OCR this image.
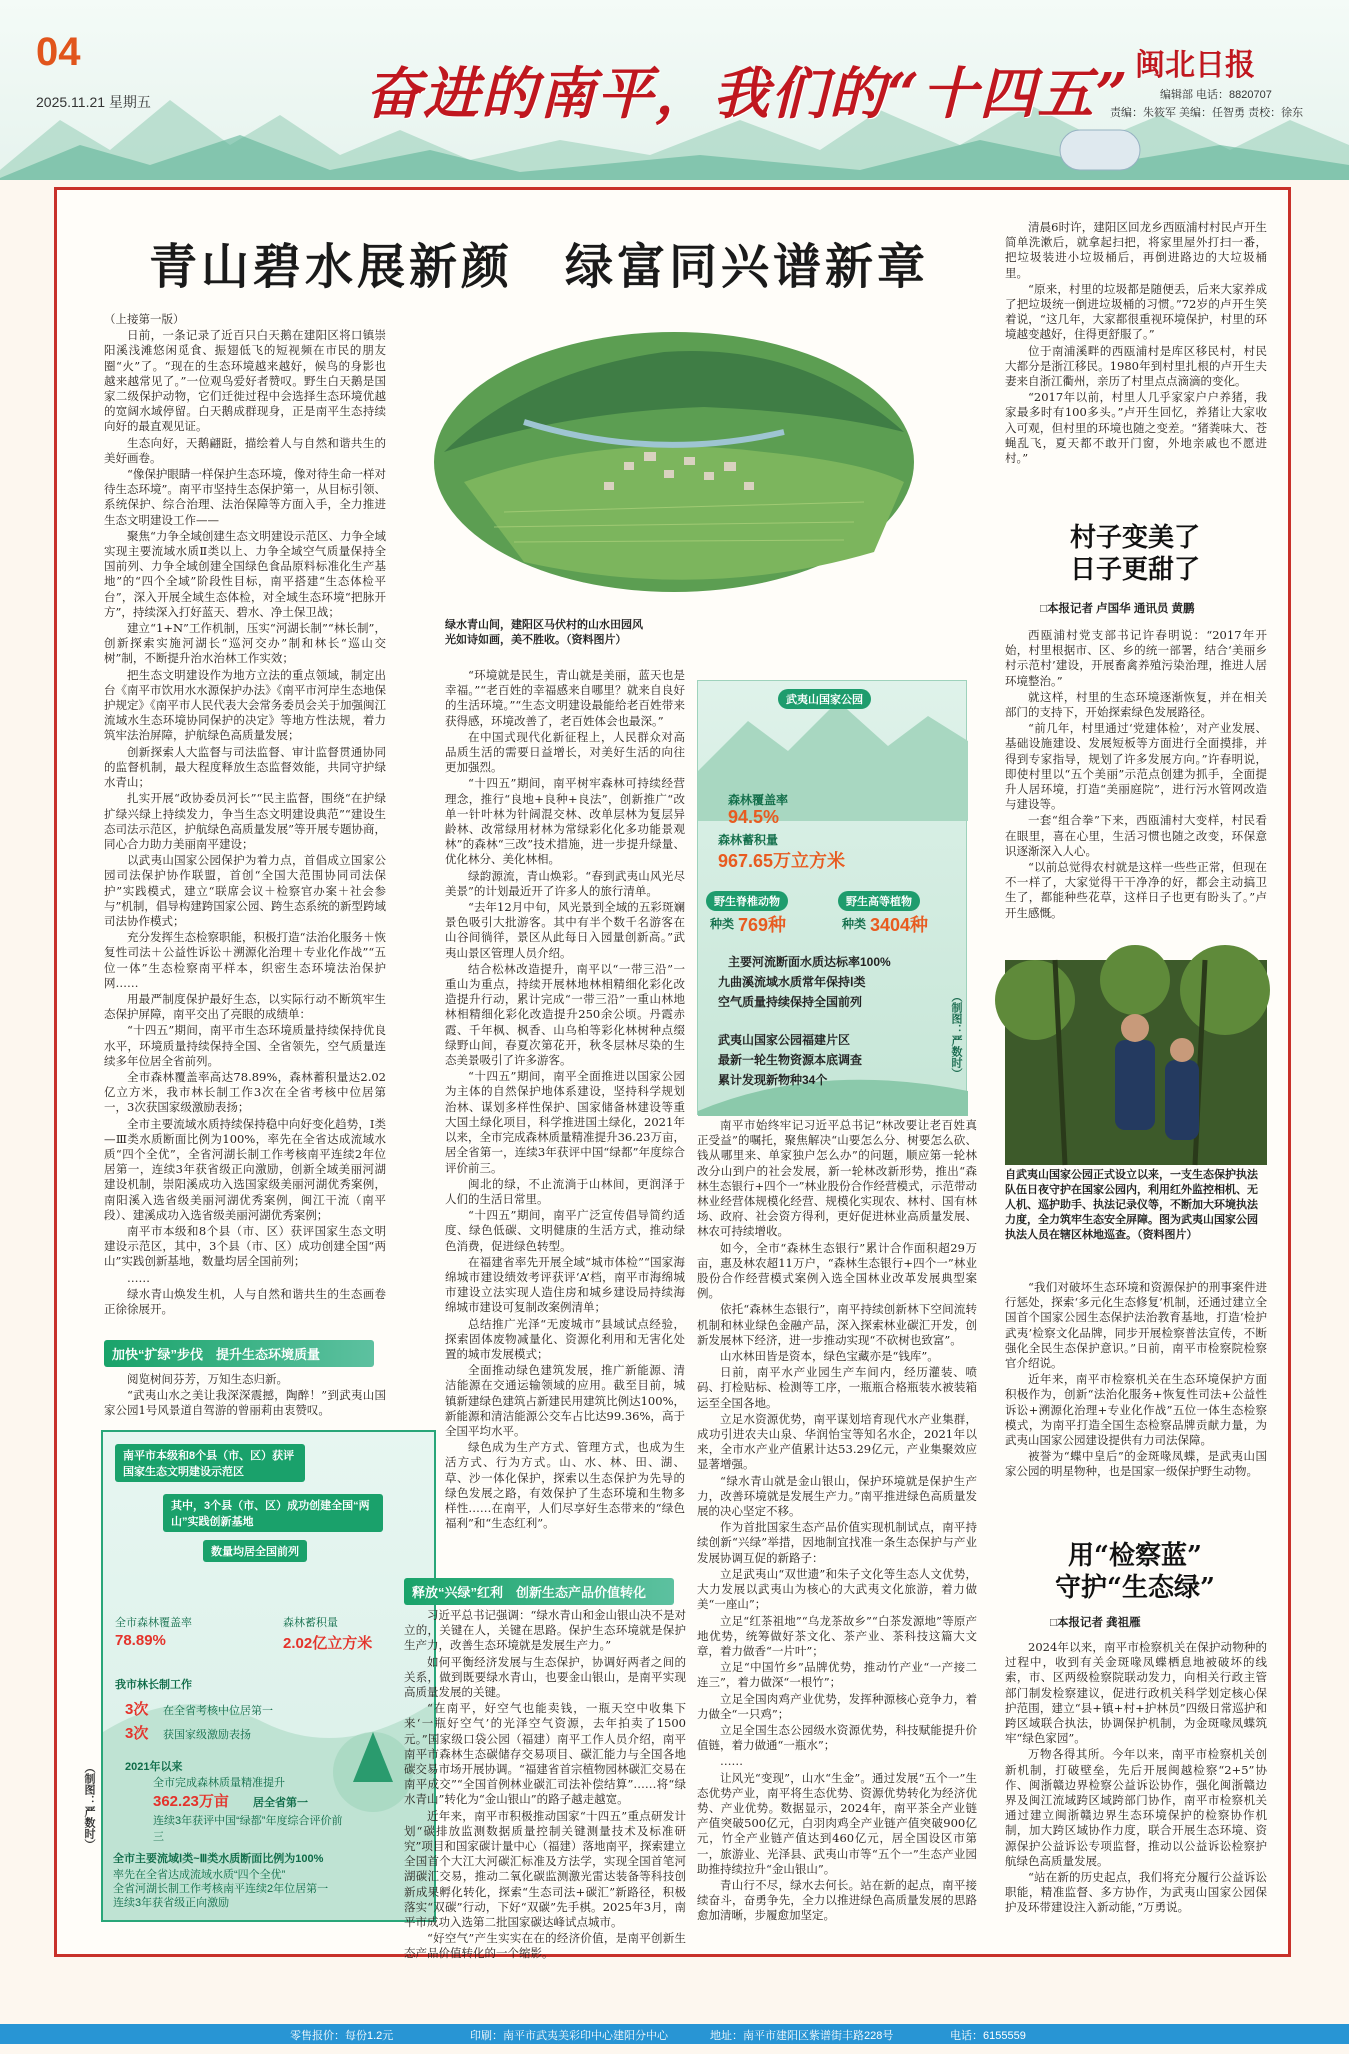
04
2025.11.21 星期五	奋进的南平，我们的“十四五” 闽北日报
编辑部 电话：8820707
责编：朱筱军 美编：任智勇 责校：徐东
青山碧水展新颜　绿富同兴谱新章

（上接第一版）

日前，一条记录了近百只白天鹅在建阳区将口镇崇阳溪浅滩悠闲觅食、振翅低飞的短视频在市民的朋友圈“火”了。“现在的生态环境越来越好，候鸟的身影也越来越常见了。”一位观鸟爱好者赞叹。野生白天鹅是国家二级保护动物，它们迁徙过程中会选择生态环境优越的宽阔水域停留。白天鹅成群现身，正是南平生态持续向好的最直观见证。

生态向好，天鹅翩跹，描绘着人与自然和谐共生的美好画卷。

“像保护眼睛一样保护生态环境，像对待生命一样对待生态环境”。南平市坚持生态保护第一，从目标引领、系统保护、综合治理、法治保障等方面入手，全力推进生态文明建设工作——

聚焦“力争全域创建生态文明建设示范区、力争全域实现主要流域水质Ⅱ类以上、力争全域空气质量保持全国前列、力争全域创建全国绿色食品原料标准化生产基地”的“四个全域”阶段性目标，南平搭建“生态体检平台”，深入开展全域生态体检，对全域生态环境“把脉开方”，持续深入打好蓝天、碧水、净土保卫战；

建立“1+N”工作机制，压实“河湖长制”“林长制”，创新探索实施河湖长“巡河交办”制和林长“巡山交树”制，不断提升治水治林工作实效；

把生态文明建设作为地方立法的重点领域，制定出台《南平市饮用水水源保护办法》《南平市河岸生态地保护规定》《南平市人民代表大会常务委员会关于加强闽江流域水生态环境协同保护的决定》等地方性法规，着力筑牢法治屏障，护航绿色高质量发展；

创新探索人大监督与司法监督、审计监督贯通协同的监督机制，最大程度释放生态监督效能，共同守护绿水青山；

扎实开展“政协委员河长”“民主监督，围绕“在护绿扩绿兴绿上持续发力，争当生态文明建设典范”“建设生态司法示范区，护航绿色高质量发展”等开展专题协商，同心合力助力美丽南平建设；

以武夷山国家公园保护为着力点，首倡成立国家公园司法保护协作联盟，首创“全国大范围协同司法保护”实践模式，建立“联席会议＋检察官办案＋社会参与”机制，倡导构建跨国家公园、跨生态系统的新型跨域司法协作模式；

充分发挥生态检察职能，积极打造“法治化服务＋恢复性司法＋公益性诉讼＋溯源化治理＋专业化作战”“五位一体”生态检察南平样本，织密生态环境法治保护网……

用最严制度保护最好生态，以实际行动不断筑牢生态保护屏障，南平交出了亮眼的成绩单：

“十四五”期间，南平市生态环境质量持续保持优良水平，环境质量持续保持全国、全省领先，空气质量连续多年位居全省前列。

全市森林覆盖率高达78.89%，森林蓄积量达2.02亿立方米，我市林长制工作3次在全省考核中位居第一，3次获国家级激励表扬；

全市主要流域水质持续保持稳中向好变化趋势，Ⅰ类—Ⅲ类水质断面比例为100%，率先在全省达成流域水质“四个全优”，全省河湖长制工作考核南平连续2年位居第一，连续3年获省级正向激励，创新全域美丽河湖建设机制，崇阳溪成功入选国家级美丽河湖优秀案例，南阳溪入选省级美丽河湖优秀案例，闽江干流（南平段）、建溪成功入选省级美丽河湖优秀案例；

南平市本级和8个县（市、区）获评国家生态文明建设示范区，其中，3个县（市、区）成功创建全国“两山”实践创新基地，数量均居全国前列；

……

绿水青山焕发生机，人与自然和谐共生的生态画卷正徐徐展开。

加快“扩绿”步伐　提升生态环境质量

阅览树间芬芳，万知生态归新。

“武夷山水之美让我深深震撼，陶醉！”到武夷山国家公园1号风景道自驾游的曾丽莉由衷赞叹。

南平市本级和8个县（市、区）获评国家生态文明建设示范区
其中，3个县（市、区）成功创建全国“两山”实践创新基地
数量均居全国前列
全市森林覆盖率
78.89%
森林蓄积量
2.02亿立方米
我市林长制工作
3次 在全省考核中位居第一
3次 获国家级激励表扬
2021年以来
全市完成森林质量精准提升
362.23万亩 居全省第一
连续3年获评中国“绿都”年度综合评价前三
全市主要流域Ⅰ类~Ⅲ类水质断面比例为100%
率先在全省达成流域水质“四个全优”
全省河湖长制工作考核南平连续2年位居第一
连续3年获省级正向激励
（制图：严数时）
绿水青山间，建阳区马伏村的山水田园风光如诗如画，美不胜收。（资料图片）

“环境就是民生，青山就是美丽，蓝天也是幸福。”“老百姓的幸福感来自哪里？就来自良好的生活环境。”“生态文明建设最能给老百姓带来获得感，环境改善了，老百姓体会也最深。”

在中国式现代化新征程上，人民群众对高品质生活的需要日益增长，对美好生活的向往更加强烈。

“十四五”期间，南平树牢森林可持续经营理念，推行“良地+良种+良法”，创新推广“改单一针叶林为针阔混交林、改单层林为复层异龄林、改常绿用材林为常绿彩化化多功能景观林”的森林“三改”技术措施，进一步提升绿量、优化林分、美化林相。

绿韵源流，青山焕彩。“春到武夷山风光尽美景”的计划最近开了许多人的旅行清单。

“去年12月中旬，风光景到全域的五彩斑斓景色吸引大批游客。其中有半个数千名游客在山谷间徜徉，景区从此每日入园量创新高。”武夷山景区管理人员介绍。

结合松林改造提升，南平以“一带三沿”一重山为重点，持续开展林地林相精细化彩化改造提升行动，累计完成“一带三沿”一重山林地林相精细化彩化改造提升250余公顷。丹霞赤霞、千年枫、枫香、山乌桕等彩化林树种点缀绿野山间，春夏次第花开，秋冬层林尽染的生态美景吸引了许多游客。

“十四五”期间，南平全面推进以国家公园为主体的自然保护地体系建设，坚持科学规划治林、谋划多样性保护、国家储备林建设等重大国土绿化项目，科学推进国土绿化，2021年以来，全市完成森林质量精准提升36.23万亩，居全省第一，连续3年获评中国“绿都”年度综合评价前三。

闽北的绿，不止流淌于山林间，更润泽于人们的生活日常里。

“十四五”期间，南平广泛宣传倡导简约适度、绿色低碳、文明健康的生活方式，推动绿色消费，促进绿色转型。

在福建省率先开展全域“城市体检”“国家海绵城市建设绩效考评获评‘A’档，南平市海绵城市建设立法实现人造住房和城乡建设局持续海绵城市建设可复制改案例清单；

总结推广光泽“无废城市”县域试点经验，探索固体废物减量化、资源化利用和无害化处置的城市发展模式；

全面推动绿色建筑发展，推广新能源、清洁能源在交通运输领域的应用。截至目前，城镇新建绿色建筑占新建民用建筑比例达100%，新能源和清洁能源公交车占比达99.36%，高于全国平均水平。

绿色成为生产方式、管理方式，也成为生活方式、行为方式。山、水、林、田、湖、草、沙一体化保护，探索以生态保护为先导的绿色发展之路，有效保护了生态环境和生物多样性……在南平，人们尽享好生态带来的“绿色福利”和“生态红利”。

释放“兴绿”红利　创新生态产品价值转化

习近平总书记强调：“绿水青山和金山银山决不是对立的，关键在人，关键在思路。保护生态环境就是保护生产力，改善生态环境就是发展生产力。”

如何平衡经济发展与生态保护，协调好两者之间的关系，做到既要绿水青山，也要金山银山，是南平实现高质量发展的关键。

“在南平，好空气也能卖钱，一瓶天空中收集下来‘一瓶好空气’的光泽空气资源，去年拍卖了1500元。”国家级口袋公园（福建）南平工作人员介绍，南平南平市森林生态碳储存交易项目、碳汇能力与全国各地碳交易市场开展协调。“福建省首宗植物园林碳汇交易在南平成交”“全国首例林业碳汇司法补偿结算”……将“绿水青山”转化为“金山银山”的路子越走越宽。

近年来，南平市积极推动国家“十四五”重点研发计划“碳排放监测数据质量控制关键测量技术及标准研究”项目和国家碳计量中心（福建）落地南平，探索建立全国首个大江大河碳汇标准及方法学，实现全国首笔河湖碳汇交易，推动二氧化碳监测激光雷达装备等科技创新成果孵化转化，探索“生态司法+碳汇”新路径，积极落实“双碳”行动，下好“双碳”先手棋。2025年3月，南平市成功入选第二批国家碳达峰试点城市。

“好空气”产生实实在在的经济价值，是南平创新生态产品价值转化的一个缩影。

武夷山国家公园
森林覆盖率
94.5%
森林蓄积量
967.65万立方米
野生脊椎动物
种类 769种
野生高等植物
种类 3404种
主要河流断面水质达标率100%
九曲溪流域水质常年保持Ⅰ类
空气质量持续保持全国前列
武夷山国家公园福建片区
最新一轮生物资源本底调查
累计发现新物种34个
（制图：严数时）

南平市始终牢记习近平总书记“林改要让老百姓真正受益”的嘱托，聚焦解决“山要怎么分、树要怎么砍、钱从哪里来、单家独户怎么办”的问题，顺应第一轮林改分山到户的社会发展，新一轮林改新形势，推出“森林生态银行+四个一”林业股份合作经营模式，示范带动林业经营体规模化经营、规模化实现农、林村、国有林场、政府、社会资方得利，更好促进林业高质量发展、林农可持续增收。

如今，全市“森林生态银行”累计合作面积超29万亩，惠及林农超11万户，“森林生态银行+四个一”林业股份合作经营模式案例入选全国林业改革发展典型案例。

依托“森林生态银行”，南平持续创新林下空间流转机制和林业绿色金融产品，深入探索林业碳汇开发，创新发展林下经济，进一步推动实现“不砍树也致富”。

山水林田皆是资本，绿色宝藏亦是“钱库”。

日前，南平水产业园生产车间内，经历灌装、喷码、打检贴标、检测等工序，一瓶瓶合格瓶装水被装箱运至全国各地。

立足水资源优势，南平谋划培育现代水产业集群，成功引进农夫山泉、华润怡宝等知名水企，2021年以来，全市水产业产值累计达53.29亿元，产业集聚效应显著增强。

“绿水青山就是金山银山，保护环境就是保护生产力，改善环境就是发展生产力。”南平推进绿色高质量发展的决心坚定不移。

作为首批国家生态产品价值实现机制试点，南平持续创新“兴绿”举措，因地制宜找准一条生态保护与产业发展协调互促的新路子：

立足武夷山“双世遗”和朱子文化等生态人文优势，大力发展以武夷山为核心的大武夷文化旅游，着力做美“一座山”；

立足“红茶祖地”“乌龙茶故乡”“白茶发源地”等原产地优势，统筹做好茶文化、茶产业、茶科技这篇大文章，着力做香“一片叶”；

立足“中国竹乡”品牌优势，推动竹产业“一产接二连三”，着力做深“一根竹”；

立足全国肉鸡产业优势，发挥种源核心竞争力，着力做全“一只鸡”；

立足全国生态公园级水资源优势，科技赋能提升价值链，着力做通“一瓶水”；

……

让风光“变现”，山水“生金”。通过发展“五个一”生态优势产业，南平将生态优势、资源优势转化为经济优势、产业优势。数据显示，2024年，南平茶全产业链产值突破500亿元，白羽肉鸡全产业链产值突破900亿元，竹全产业链产值达到460亿元，居全国设区市第一，旅游业、光泽县、武夷山市等“五个一”生态产业园助推持续拉升“金山银山”。

青山行不尽，绿水去何长。站在新的起点，南平接续奋斗，奋勇争先，全力以推进绿色高质量发展的思路愈加清晰，步履愈加坚定。

清晨6时许，建阳区回龙乡西瓯浦村村民卢开生简单洗漱后，就拿起扫把，将家里屋外打扫一番，把垃圾装进小垃圾桶后，再倒进路边的大垃圾桶里。

“原来，村里的垃圾都是随便丢，后来大家养成了把垃圾统一倒进垃圾桶的习惯。”72岁的卢开生笑着说，“这几年，大家都很重视环境保护，村里的环境越变越好，住得更舒服了。”

位于南浦溪畔的西瓯浦村是库区移民村，村民大都分是浙江移民。1980年到村里扎根的卢开生夫妻来自浙江衢州，亲历了村里点点滴滴的变化。

“2017年以前，村里人几乎家家户户养猪，我家最多时有100多头。”卢开生回忆，养猪让大家收入可观，但村里的环境也随之变差。“猪粪味大、苍蝇乱飞，夏天都不敢开门窗，外地亲戚也不愿进村。”

村子变美了
日子更甜了
□本报记者 卢国华 通讯员 黄鹏

西瓯浦村党支部书记许春明说：“2017年开始，村里根据市、区、乡的统一部署，结合‘美丽乡村示范村’建设，开展畜禽养殖污染治理，推进人居环境整治。”

就这样，村里的生态环境逐渐恢复，并在相关部门的支持下，开始探索绿色发展路径。

“前几年，村里通过‘党建体检’，对产业发展、基础设施建设、发展短板等方面进行全面摸排，并得到专家指导，规划了许多发展方向。”许春明说，即使村里以“五个美丽”示范点创建为抓手，全面提升人居环境，打造“美丽庭院”，进行污水管网改造与建设等。

一套“组合拳”下来，西瓯浦村大变样，村民看在眼里，喜在心里，生活习惯也随之改变，环保意识逐渐深入人心。

“以前总觉得农村就是这样一些些正常，但现在不一样了，大家觉得干干净净的好，都会主动搞卫生了，都能种些花草，这样日子也更有盼头了。”卢开生感慨。

自武夷山国家公园正式设立以来，一支生态保护执法队伍日夜守护在国家公园内，利用红外监控相机、无人机、巡护助手、执法记录仪等，不断加大环境执法力度，全力筑牢生态安全屏障。图为武夷山国家公园执法人员在辖区林地巡查。（资料图片）

“我们对破坏生态环境和资源保护的刑事案件进行惩处，探索‘多元化生态修复’机制，还通过建立全国首个国家公园生态保护法治教育基地，打造‘检护武夷’检察文化品牌，同步开展检察普法宣传，不断强化全民生态保护意识。”日前，南平市检察院检察官介绍说。

近年来，南平市检察机关在生态环境保护方面积极作为，创新“法治化服务+恢复性司法+公益性诉讼+溯源化治理+专业化作战”五位一体生态检察模式，为南平打造全国生态检察品牌贡献力量，为武夷山国家公园建设提供有力司法保障。

被誉为“蝶中皇后”的金斑喙凤蝶，是武夷山国家公园的明星物种，也是国家一级保护野生动物。

用“检察蓝”
守护“生态绿”
□本报记者 龚祖雁

2024年以来，南平市检察机关在保护动物种的过程中，收到有关金斑喙凤蝶栖息地被破坏的线索，市、区两级检察院联动发力，向相关行政主管部门制发检察建议，促进行政机关科学划定核心保护范围，建立“县+镇+村+护林员”四级日常巡护和跨区域联合执法，协调保护机制，为金斑喙凤蝶筑牢“绿色家园”。

万物各得其所。今年以来，南平市检察机关创新机制，打破壁垒，先后开展闽越检察“2+5”协作、闽浙赣边界检察公益诉讼协作，强化闽浙赣边界及闽江流域跨区域跨部门协作，南平市检察机关通过建立闽浙赣边界生态环境保护的检察协作机制，加大跨区域协作力度，联合开展生态环境、资源保护公益诉讼专项监督，推动以公益诉讼检察护航绿色高质量发展。

“站在新的历史起点，我们将充分履行公益诉讼职能，精准监督、多方协作，为武夷山国家公园保护及环带建设注入新动能，”万勇说。

零售报价：每份1.2元	印刷：南平市武夷美彩印中心建阳分中心	地址：南平市建阳区紫谱街丰路228号	电话：6155559
